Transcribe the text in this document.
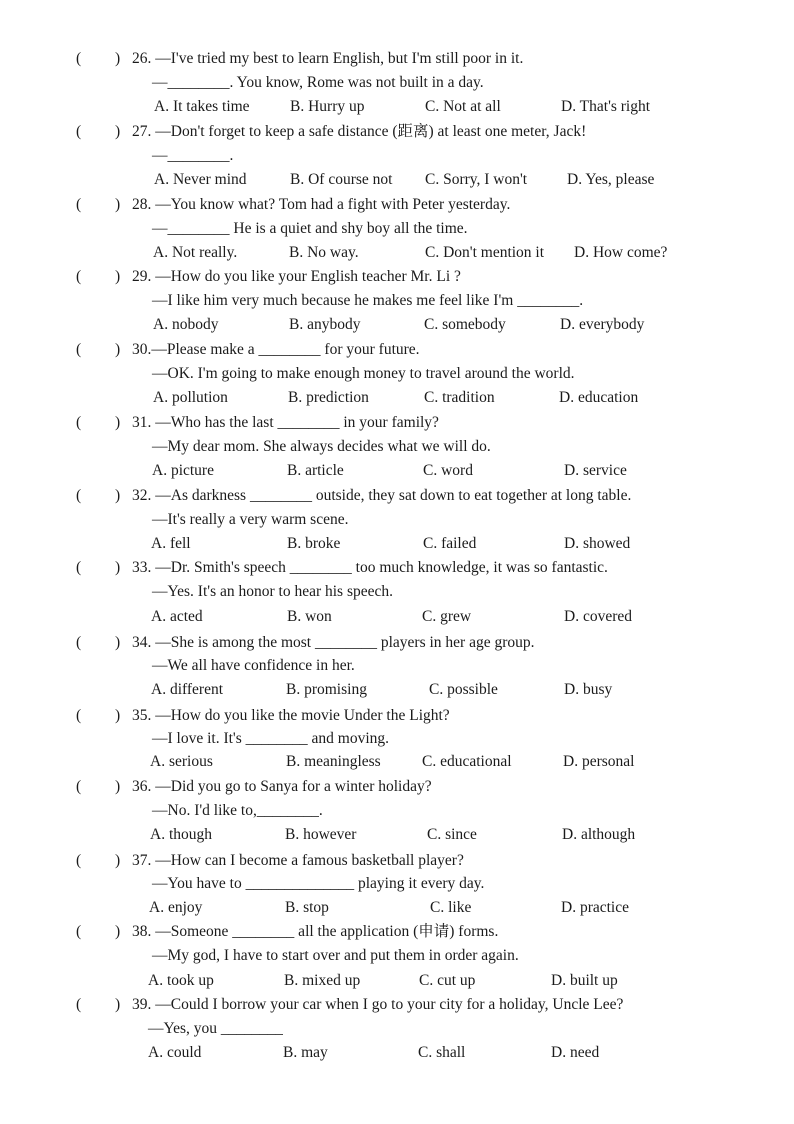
( ) 26. —I've tried my best to learn English, but I'm still poor in it.
—________. You know, Rome was not built in a day.
A. It takes time	B. Hurry up	C. Not at all	D. That's right
( ) 27. —Don't forget to keep a safe distance (距离) at least one meter, Jack!
—________.
A. Never mind	B. Of course not C. Sorry, I won't	D. Yes, please
( ) 28. —You know what? Tom had a fight with Peter yesterday.
—________ He is a quiet and shy boy all the time.
A. Not really.	B. No way.	C. Don't mention it D. How come?
( ) 29. —How do you like your English teacher Mr. Li ?
—I like him very much because he makes me feel like I'm ________.
A. nobody	B. anybody	C. somebody	D. everybody
( ) 30.—Please make a ________ for your future.
—OK. I'm going to make enough money to travel around the world.
A. pollution	B. prediction	C. tradition	D. education
( ) 31. —Who has the last ________ in your family?
—My dear mom. She always decides what we will do.
A. picture	B. article	C. word	D. service
( ) 32. —As darkness ________ outside, they sat down to eat together at long table.
—It's really a very warm scene.
A. fell	B. broke	C. failed	D. showed
( ) 33. —Dr. Smith's speech ________ too much knowledge, it was so fantastic.
—Yes. It's an honor to hear his speech.
A. acted	B. won	C. grew	D. covered
( ) 34. —She is among the most ________ players in her age group.
—We all have confidence in her.
A. different	B. promising	C. possible	D. busy
( ) 35. —How do you like the movie Under the Light?
—I love it. It's ________ and moving.
A. serious	B. meaningless	C. educational	D. personal
( ) 36. —Did you go to Sanya for a winter holiday?
—No. I'd like to,________.
A. though	B. however	C. since	D. although
( ) 37. —How can I become a famous basketball player?
—You have to ______________ playing it every day.
A. enjoy	B. stop	C. like	D. practice
( ) 38. —Someone ________ all the application (申请) forms.
—My god, I have to start over and put them in order again.
A. took up	B. mixed up	C. cut up	D. built up
( ) 39. —Could I borrow your car when I go to your city for a holiday, Uncle Lee?
—Yes, you ________
A. could	B. may	C. shall	D. need
